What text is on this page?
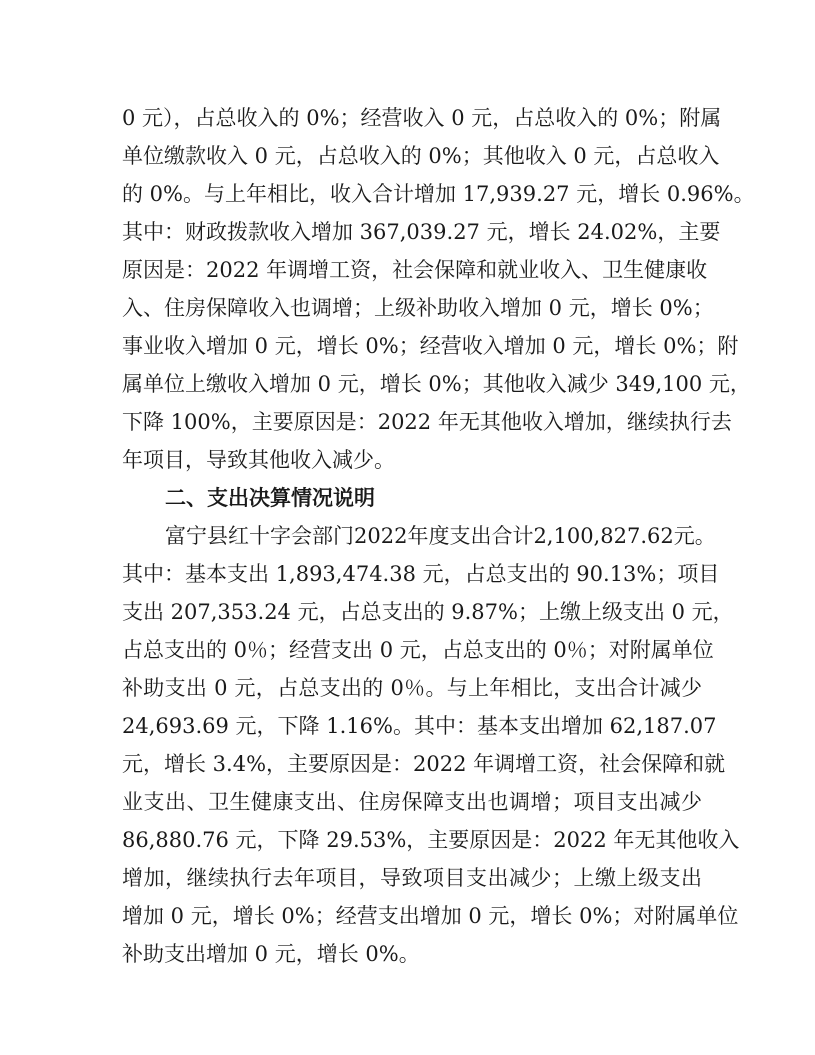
0 元），占总收入的 0%；经营收入 0 元，占总收入的 0%；附属
单位缴款收入 0 元，占总收入的 0%；其他收入 0 元，占总收入
的 0%。与上年相比，收入合计增加 17,939.27 元，增长 0.96%。
其中：财政拨款收入增加 367,039.27 元，增长 24.02%，主要
原因是：2022 年调增工资，社会保障和就业收入、卫生健康收
入、住房保障收入也调增；上级补助收入增加 0 元，增长 0%；
事业收入增加 0 元，增长 0%；经营收入增加 0 元，增长 0%；附
属单位上缴收入增加 0 元，增长 0%；其他收入减少 349,100 元，
下降 100%，主要原因是：2022 年无其他收入增加，继续执行去
年项目，导致其他收入减少。
二、支出决算情况说明
富宁县红十字会部门2022年度支出合计2,100,827.62元。
其中：基本支出 1,893,474.38 元，占总支出的 90.13%；项目
支出 207,353.24 元，占总支出的 9.87%；上缴上级支出 0 元，
占总支出的 0％；经营支出 0 元，占总支出的 0％；对附属单位
补助支出 0 元，占总支出的 0％。与上年相比，支出合计减少
24,693.69 元，下降 1.16%。其中：基本支出增加 62,187.07
元，增长 3.4%，主要原因是：2022 年调增工资，社会保障和就
业支出、卫生健康支出、住房保障支出也调增；项目支出减少
86,880.76 元，下降 29.53%，主要原因是：2022 年无其他收入
增加，继续执行去年项目，导致项目支出减少；上缴上级支出
增加 0 元，增长 0%；经营支出增加 0 元，增长 0%；对附属单位
补助支出增加 0 元，增长 0%。
